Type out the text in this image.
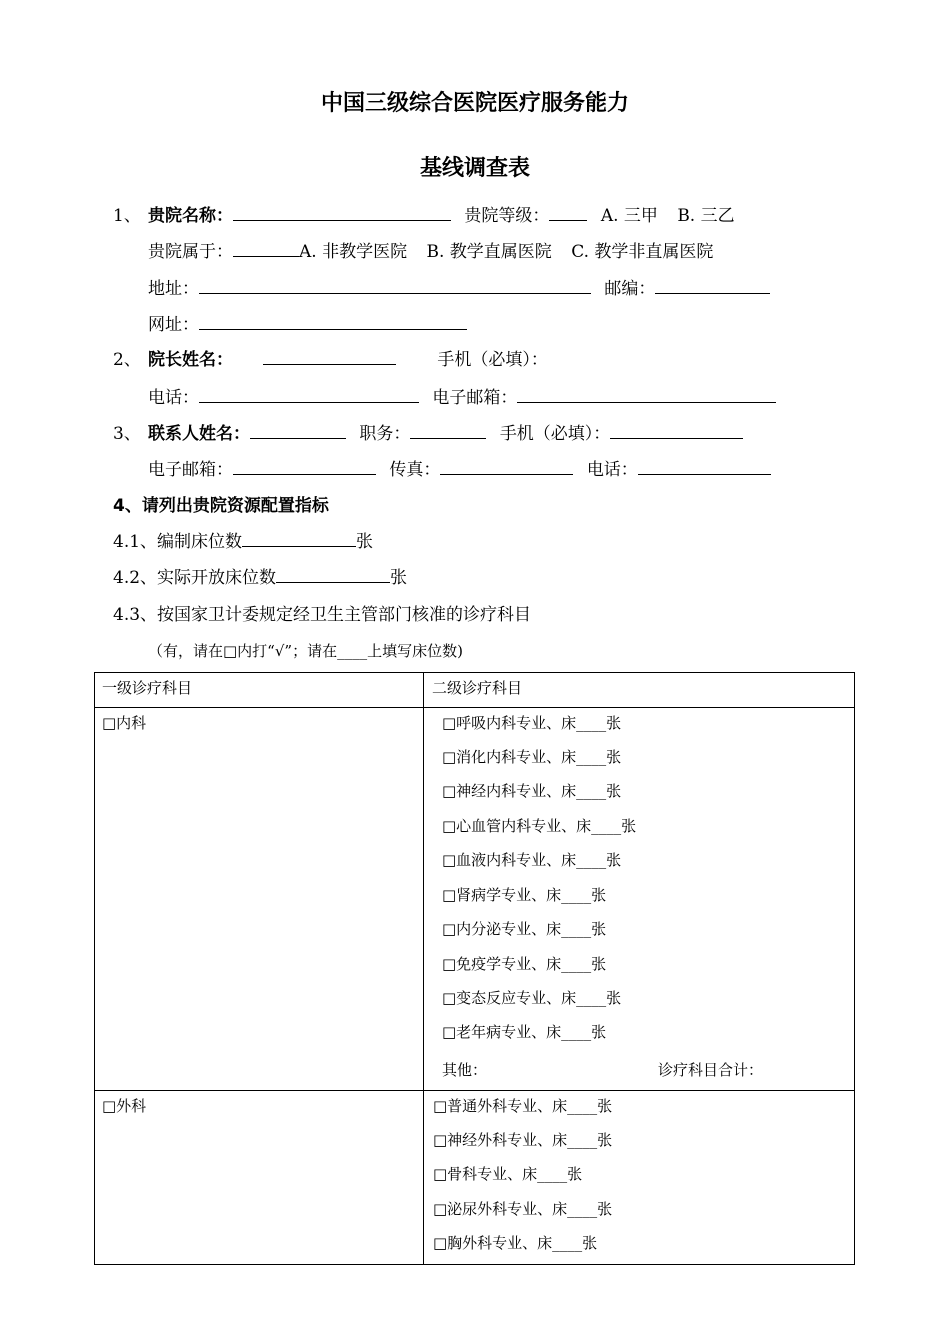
中国三级综合医院医疗服务能力
基线调查表
1、 贵院名称：	贵院等级：	A. 三甲 B. 三乙
贵院属于：	A. 非教学医院 B. 教学直属医院 C. 教学非直属医院
地址：	邮编：
网址：
2、 院长姓名：	手机（必填）：
电话：	电子邮箱：
3、 联系人姓名：	职务：	手机（必填）：
电子邮箱：	传真：	电话：
4、请列出贵院资源配置指标
4.1、编制床位数	张
4.2、实际开放床位数	张
4.3、按国家卫计委规定经卫生主管部门核准的诊疗科目
（有，请在□内打“√”；请在____上填写床位数)
一级诊疗科目	二级诊疗科目
□内科	□呼吸内科专业、床____张
□消化内科专业、床____张
□神经内科专业、床____张
□心血管内科专业、床____张
□血液内科专业、床____张
□肾病学专业、床____张
□内分泌专业、床____张
□免疫学专业、床____张
□变态反应专业、床____张
□老年病专业、床____张
其他：	诊疗科目合计：
□外科	□普通外科专业、床____张
□神经外科专业、床____张
□骨科专业、床____张
□泌尿外科专业、床____张
□胸外科专业、床____张
